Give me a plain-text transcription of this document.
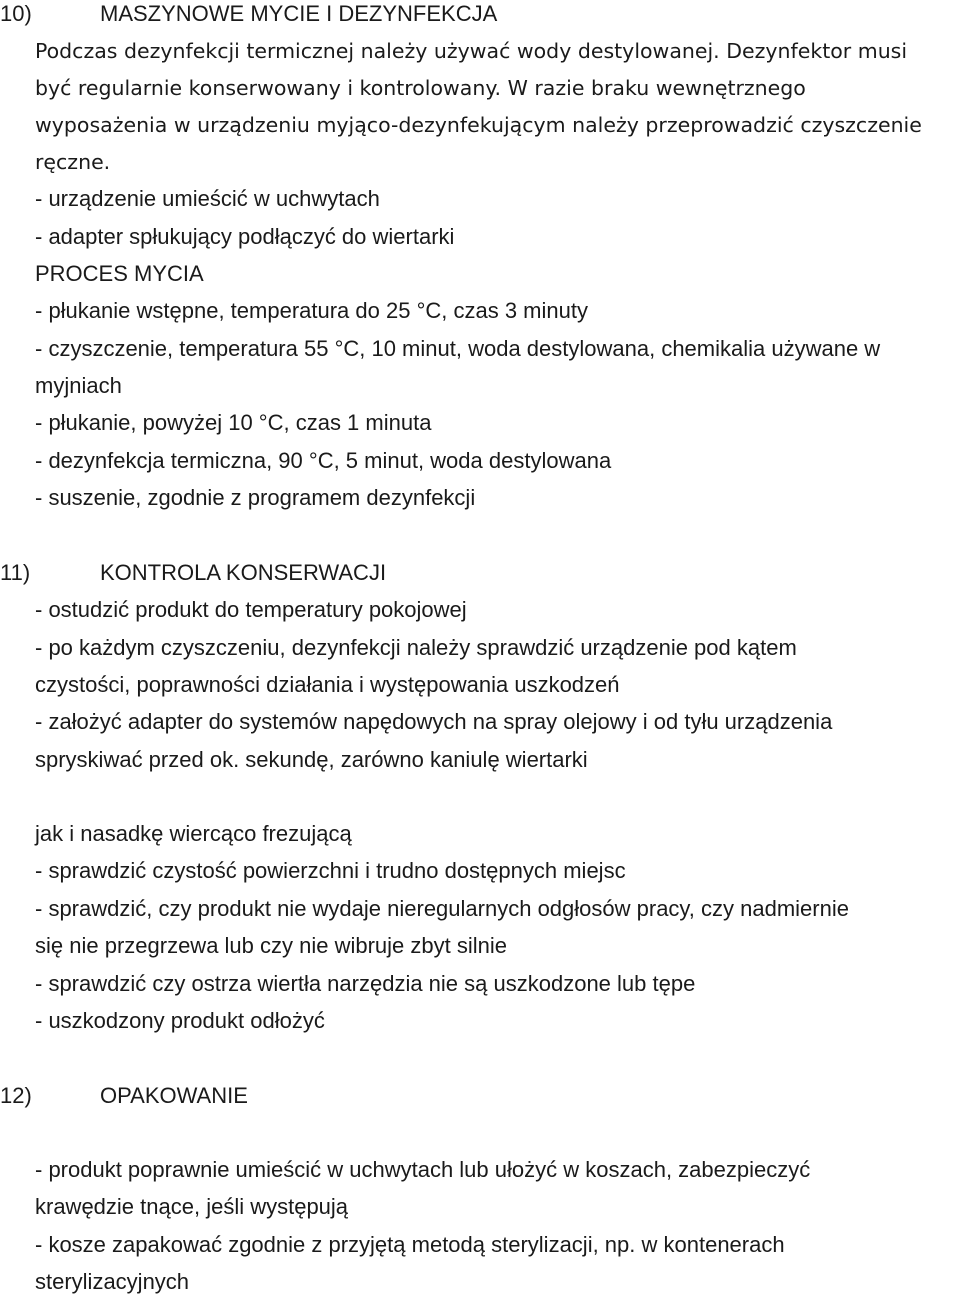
10)	MASZYNOWE MYCIE I DEZYNFEKCJA
Podczas dezynfekcji termicznej należy używać wody destylowanej. Dezynfektor musi
być regularnie konserwowany i kontrolowany. W razie braku wewnętrznego
wyposażenia w urządzeniu myjąco-dezynfekującym należy przeprowadzić czyszczenie
ręczne.
- urządzenie umieścić w uchwytach
- adapter spłukujący podłączyć do wiertarki
PROCES MYCIA
- płukanie wstępne, temperatura do 25 °C, czas 3 minuty
- czyszczenie, temperatura 55 °C, 10 minut, woda destylowana, chemikalia używane w
myjniach
- płukanie, powyżej 10 °C, czas 1 minuta
- dezynfekcja termiczna, 90 °C, 5 minut, woda destylowana
- suszenie, zgodnie z programem dezynfekcji
11)	KONTROLA KONSERWACJI
- ostudzić produkt do temperatury pokojowej
- po każdym czyszczeniu, dezynfekcji należy sprawdzić urządzenie pod kątem
czystości, poprawności działania i występowania uszkodzeń
- założyć adapter do systemów napędowych na spray olejowy i od tyłu urządzenia
spryskiwać przed ok. sekundę, zarówno kaniulę wiertarki
jak i nasadkę wiercąco frezującą
- sprawdzić czystość powierzchni i trudno dostępnych miejsc
- sprawdzić, czy produkt nie wydaje nieregularnych odgłosów pracy, czy nadmiernie
się nie przegrzewa lub czy nie wibruje zbyt silnie
- sprawdzić czy ostrza wiertła narzędzia nie są uszkodzone lub tępe
- uszkodzony produkt odłożyć
12)	OPAKOWANIE
- produkt poprawnie umieścić w uchwytach lub ułożyć w koszach, zabezpieczyć
krawędzie tnące, jeśli występują
- kosze zapakować zgodnie z przyjętą metodą sterylizacji, np. w kontenerach
sterylizacyjnych
